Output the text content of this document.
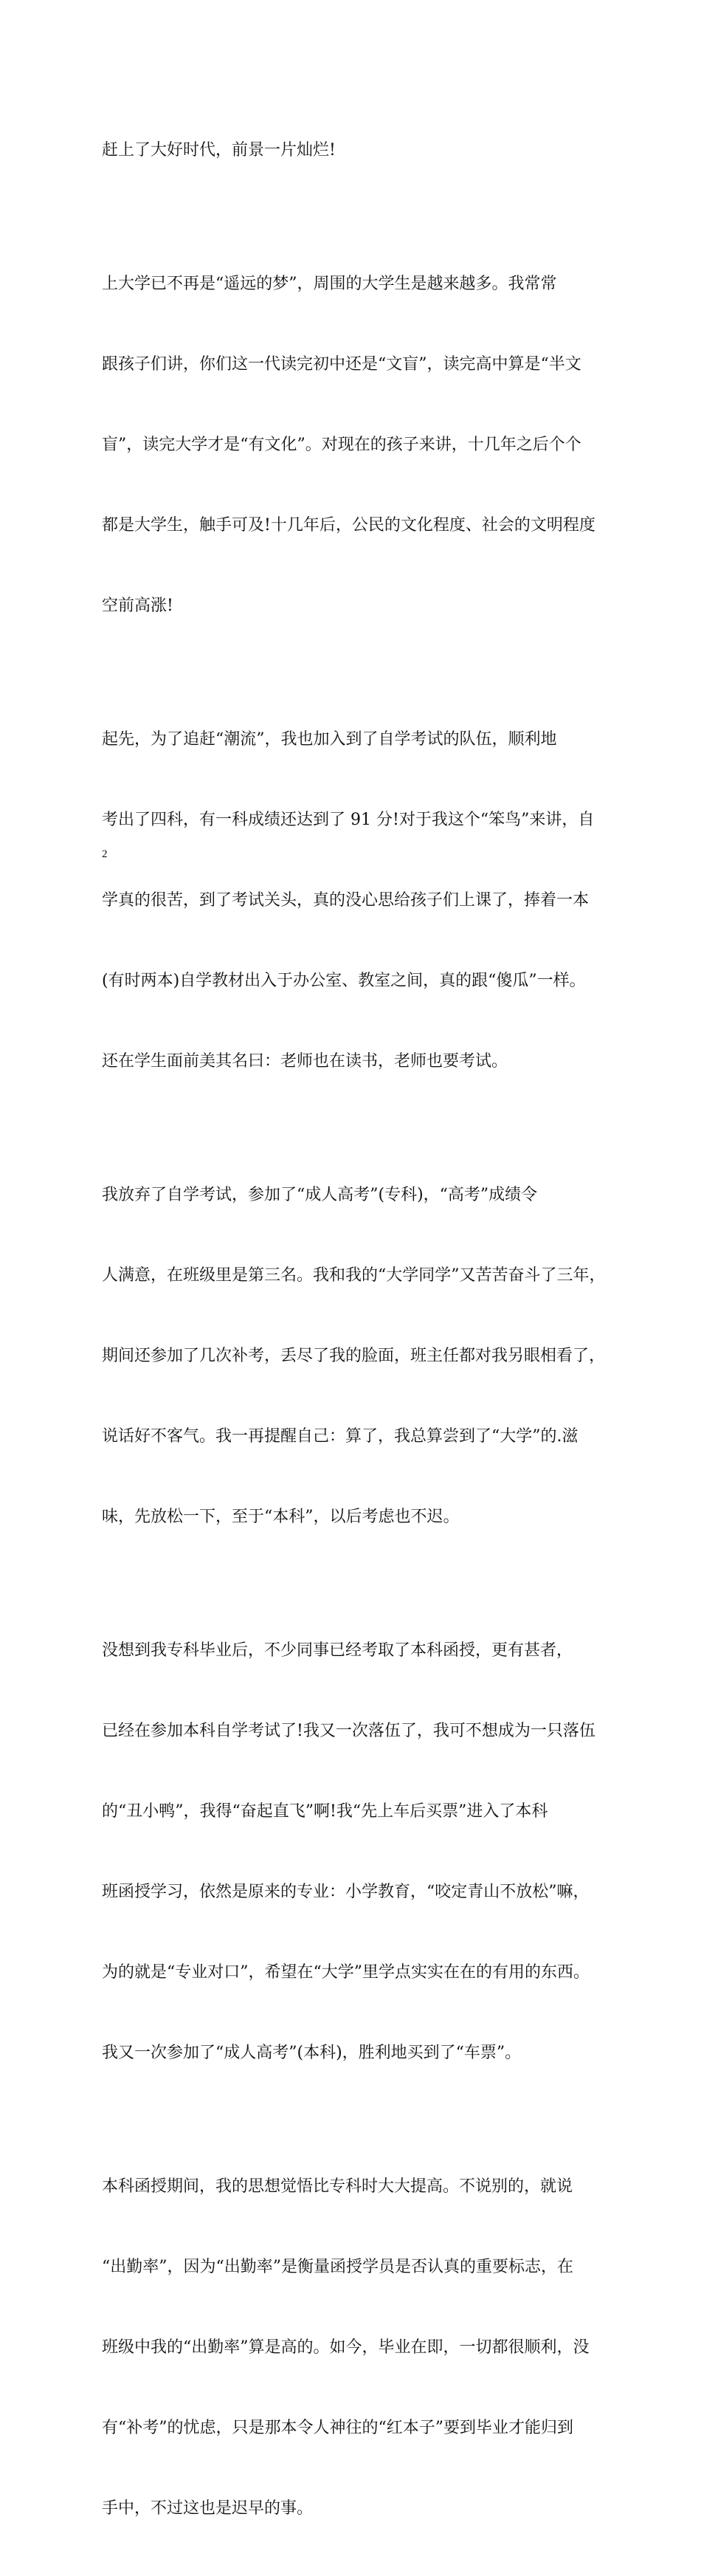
赶上了大好时代，前景一片灿烂!

上大学已不再是“遥远的梦”，周围的大学生是越来越多。我常常

跟孩子们讲，你们这一代读完初中还是“文盲”，读完高中算是“半文

盲”，读完大学才是“有文化”。对现在的孩子来讲，十几年之后个个

都是大学生，触手可及!十几年后，公民的文化程度、社会的文明程度

空前高涨!

起先，为了追赶“潮流”，我也加入到了自学考试的队伍，顺利地

考出了四科，有一科成绩还达到了 91 分!对于我这个“笨鸟”来讲，自

学真的很苦，到了考试关头，真的没心思给孩子们上课了，捧着一本

(有时两本)自学教材出入于办公室、教室之间，真的跟“傻瓜”一样。

还在学生面前美其名曰：老师也在读书，老师也要考试。

我放弃了自学考试，参加了“成人高考”(专科)，“高考”成绩令

人满意，在班级里是第三名。我和我的“大学同学”又苦苦奋斗了三年，

期间还参加了几次补考，丢尽了我的脸面，班主任都对我另眼相看了，

说话好不客气。我一再提醒自己：算了，我总算尝到了“大学”的.滋

味，先放松一下，至于“本科”，以后考虑也不迟。

没想到我专科毕业后，不少同事已经考取了本科函授，更有甚者，

已经在参加本科自学考试了!我又一次落伍了，我可不想成为一只落伍

的“丑小鸭”，我得“奋起直飞”啊!我“先上车后买票”进入了本科

班函授学习，依然是原来的专业：小学教育，“咬定青山不放松”嘛，

为的就是“专业对口”，希望在“大学”里学点实实在在的有用的东西。

我又一次参加了“成人高考”(本科)，胜利地买到了“车票”。

本科函授期间，我的思想觉悟比专科时大大提高。不说别的，就说

“出勤率”，因为“出勤率”是衡量函授学员是否认真的重要标志，在

班级中我的“出勤率”算是高的。如今，毕业在即，一切都很顺利，没

有“补考”的忧虑，只是那本令人神往的“红本子”要到毕业才能归到

手中，不过这也是迟早的事。

2
